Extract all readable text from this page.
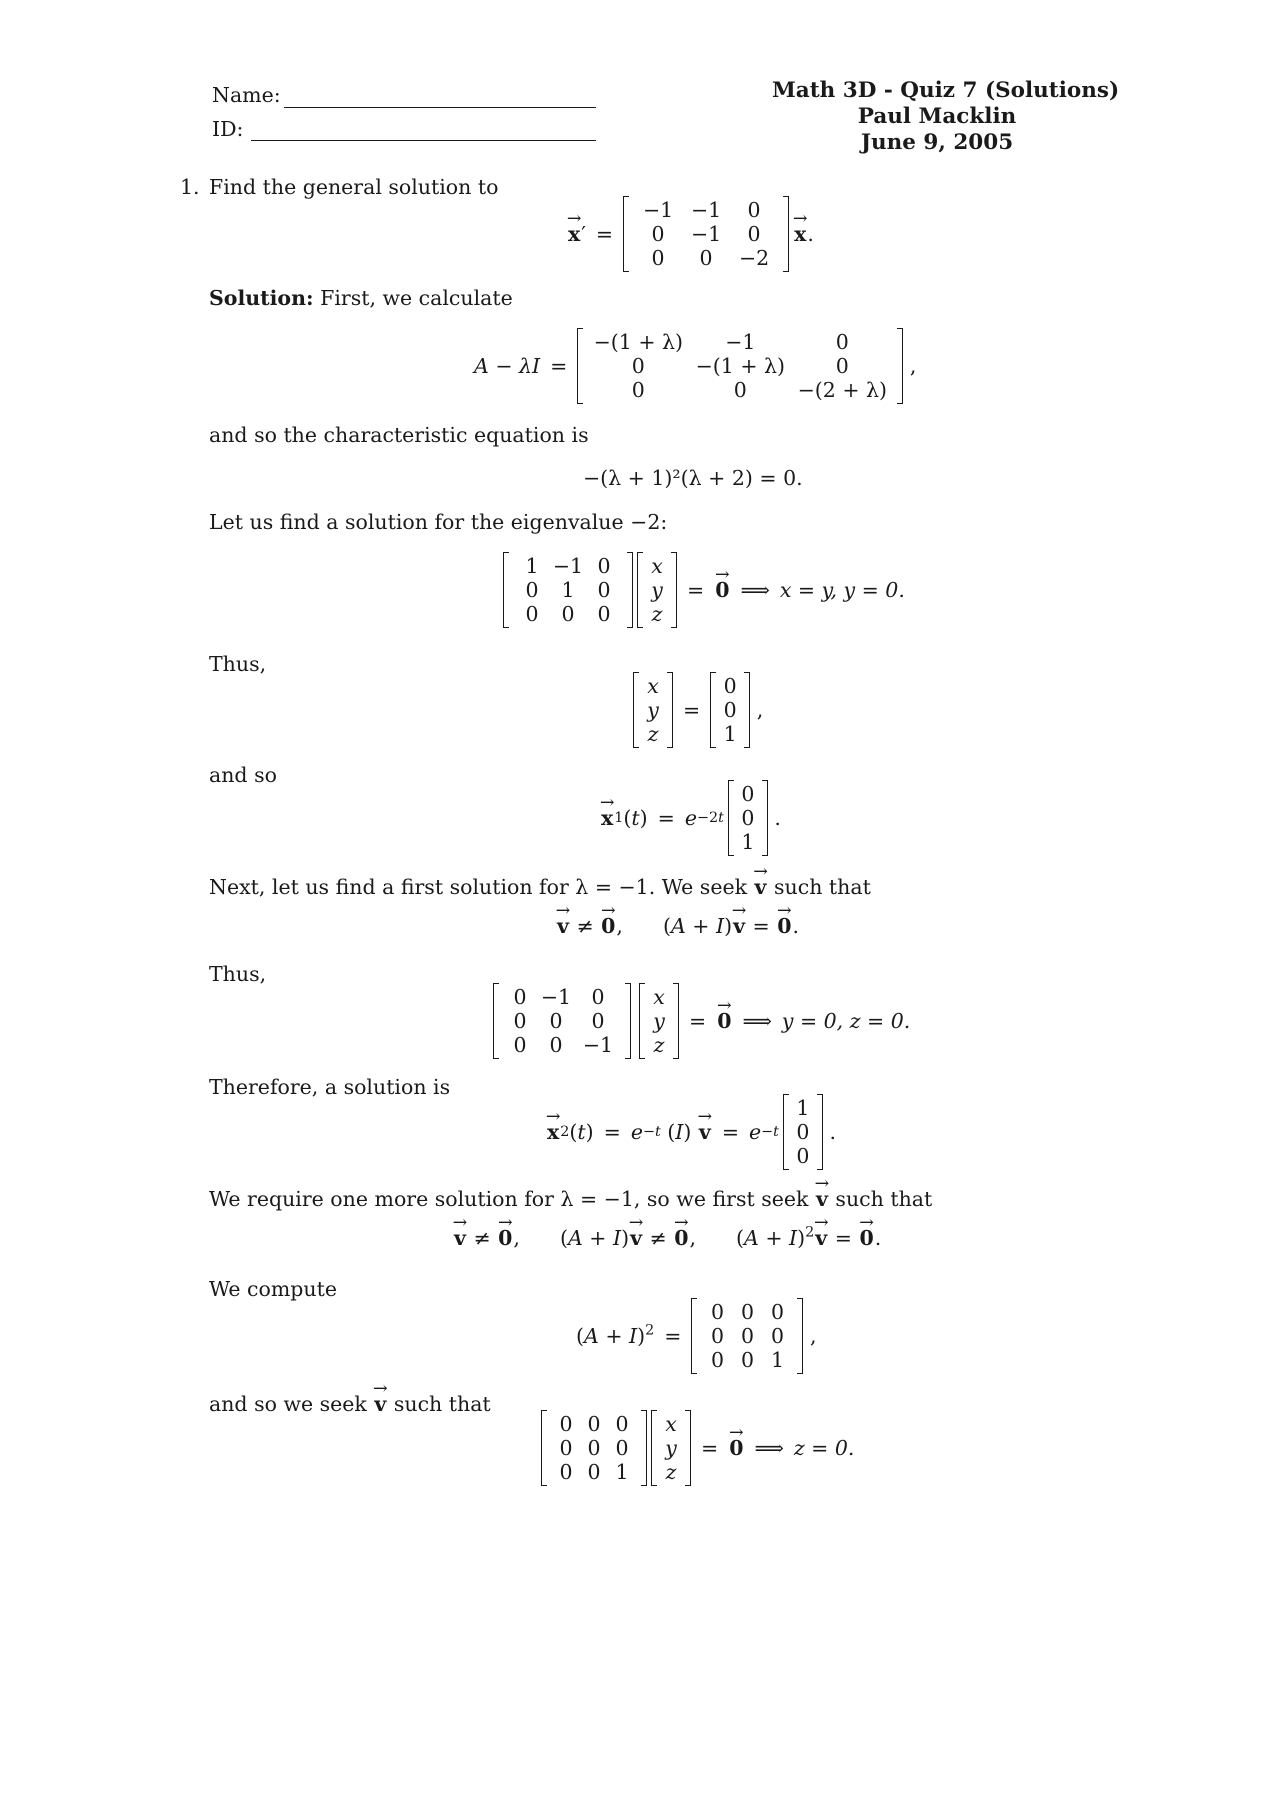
Name:
ID:
Math 3D - Quiz 7 (Solutions)
Paul Macklin
June 9, 2005
1. Find the general solution to
→ x ′ =
−1 −1	0
0	−1	0
0	0	−2
→ x .
Solution: First, we calculate
A − λI =
−(1 + λ)	−1	0
0	−(1 + λ)	0
0	0	−(2 + λ)
,
and so the characteristic equation is
−(λ + 1)²(λ + 2) = 0.
Let us find a solution for the eigenvalue −2:
1 −1 0
0	1	0
0	0	0
x
y
z
=
→ 0 ⟹ x = y, y = 0.
Thus,
x
y
z
=
0
0
1
,
and so
→ x 1 (t) = e −2t
0
0
1
.
Next, let us find a first solution for λ = −1. We seek → v such that
→ v ≠
→ 0 , (A + I)
→ v =
→ 0 .
Thus,
0 −1 0
0	0	0
0	0 −1
x
y
z
=
→ 0 ⟹ y = 0, z = 0.
Therefore, a solution is
→ x 2 (t) = e −t (I)
→ v = e −t
1
0
0
.
We require one more solution for λ = −1, so we first seek → v such that
→ v ≠
→ 0 , (A + I)
→ v ≠
→ 0 , $(A + I)^2$
→ v =
→ 0 .
We compute
$(A + I)^2$ =
0 0 0
0 0 0
0 0 1
,
and so we seek → v such that
0 0 0
0 0 0
0 0 1
x
y
z
=
→ 0 ⟹ z = 0.
